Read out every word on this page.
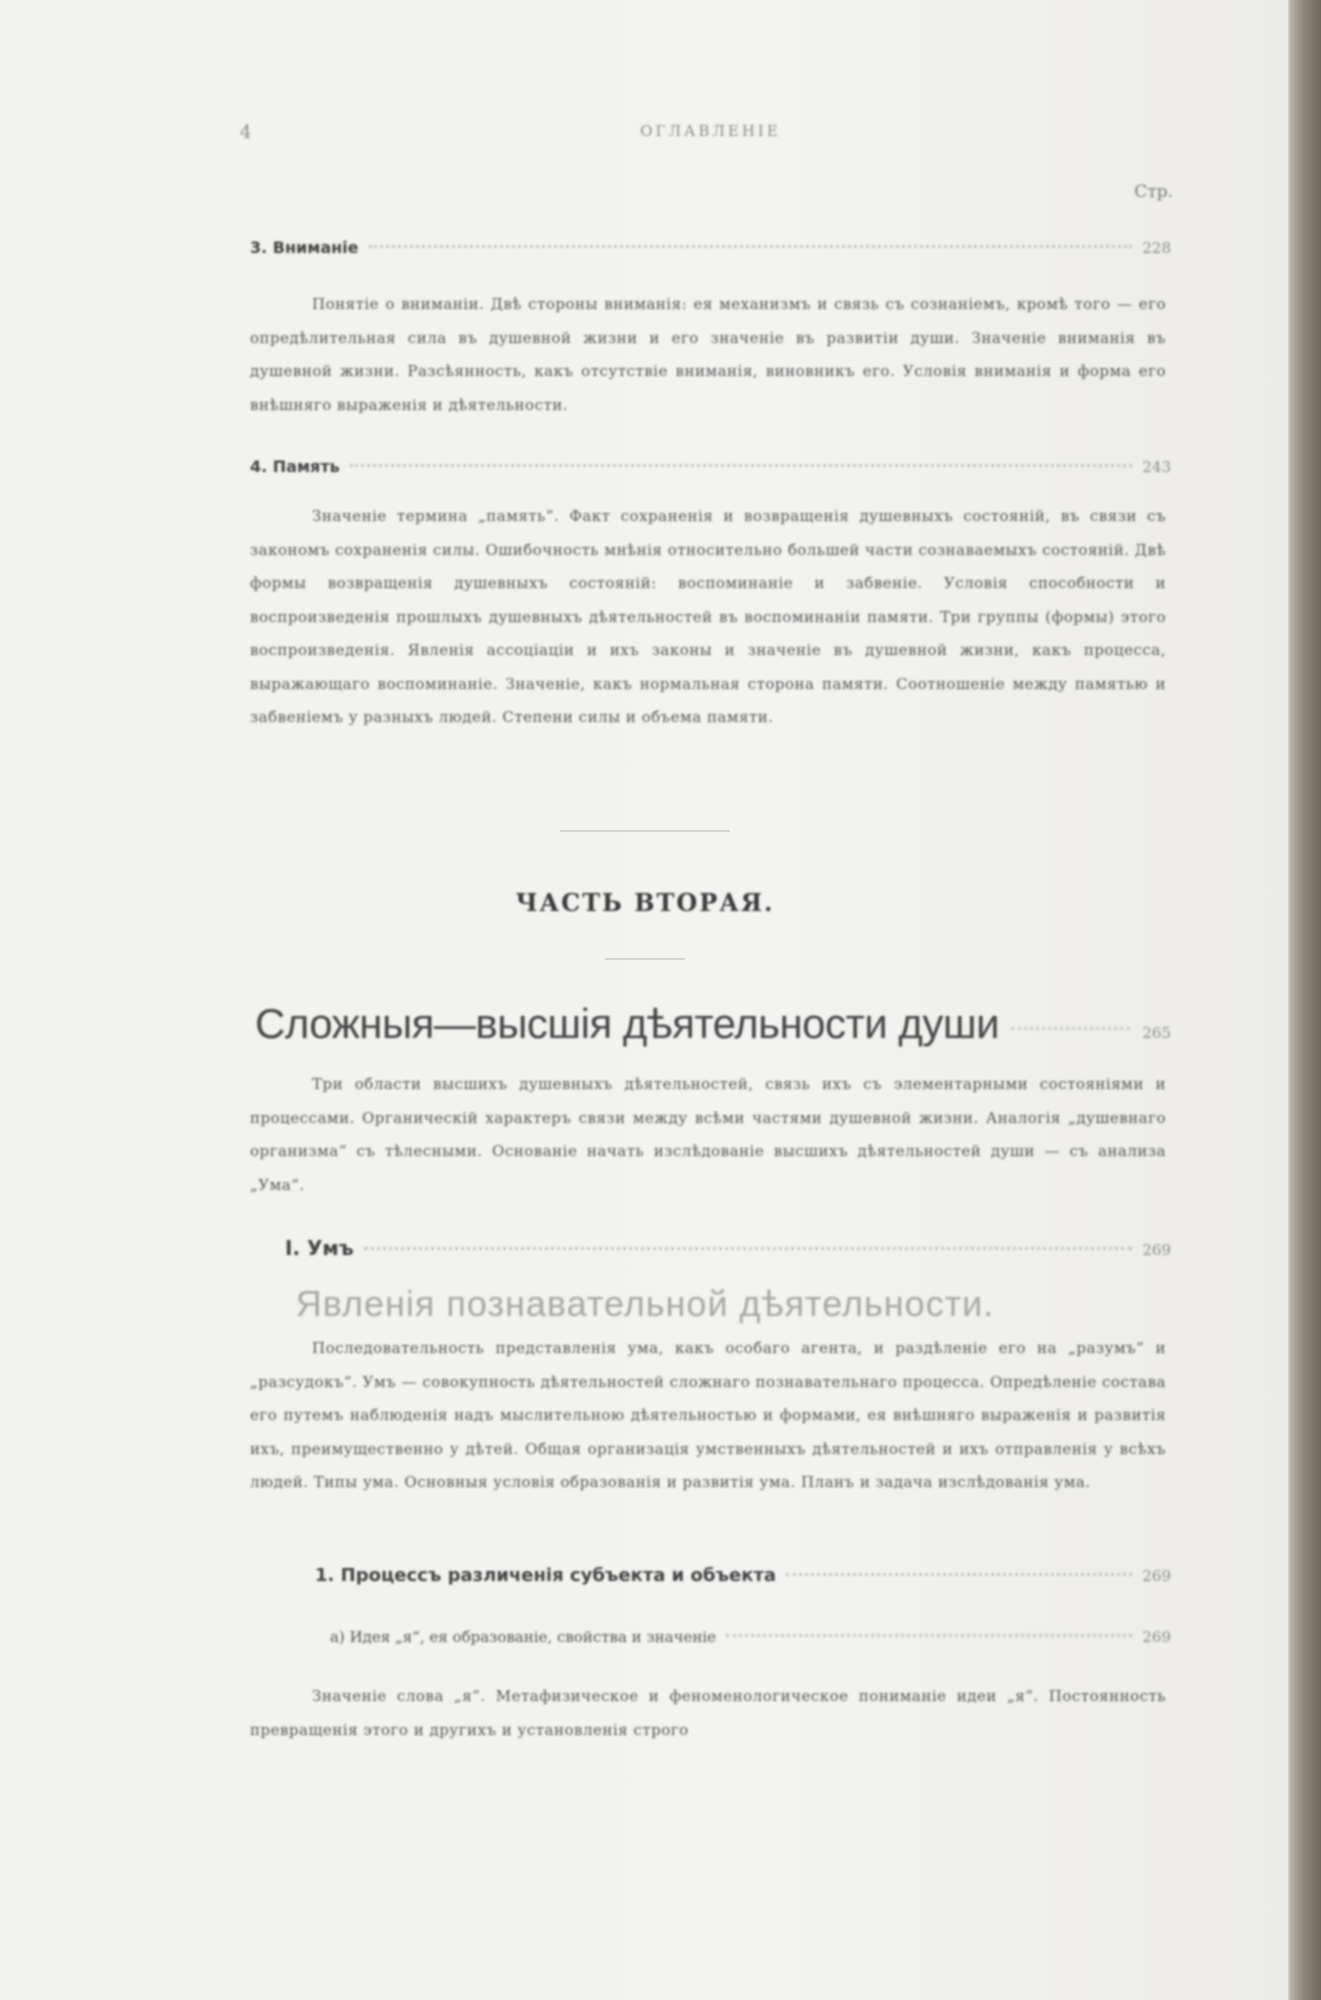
4	ОГЛАВЛЕНІЕ
Стр.
3. Вниманіе	228
Понятіе о вниманіи. Двѣ стороны вниманія: ея механизмъ и связь съ сознаніемъ, кромѣ того — его опредѣлительная сила въ душевной жизни и его значеніе въ развитіи души. Значеніе вниманія въ душевной жизни. Разсѣянность, какъ отсутствіе вниманія, виновникъ его. Условія вниманія и форма его внѣшняго выраженія и дѣятельности.
4. Память	243
Значеніе термина „память“. Факт сохраненія и возвращенія душевныхъ состояній, въ связи съ закономъ сохраненія силы. Ошибочность мнѣнія относительно большей части сознаваемыхъ состояній. Двѣ формы возвращенія душевныхъ состояній: воспоминаніе и забвеніе. Условія способности и воспроизведенія прошлыхъ душевныхъ дѣятельностей въ воспоминаніи памяти. Три группы (формы) этого воспроизведенія. Явленія ассоціаціи и ихъ законы и значеніе въ душевной жизни, какъ процесса, выражающаго воспоминаніе. Значеніе, какъ нормальная сторона памяти. Соотношеніе между памятью и забвеніемъ у разныхъ людей. Степени силы и объема памяти.
ЧАСТЬ ВТОРАЯ.
Сложныя—высшія дѣятельности души	265
Три области высшихъ душевныхъ дѣятельностей, связь ихъ съ элементарными состояніями и процессами. Органическій характеръ связи между всѣми частями душевной жизни. Аналогія „душевнаго организма“ съ тѣлесными. Основаніе начать изслѣдованіе высшихъ дѣятельностей души — съ анализа „Ума“.
I. Умъ	269
Явленія познавательной дѣятельности.
Последовательность представленія ума, какъ особаго агента, и раздѣленіе его на „разумъ“ и „разсудокъ“. Умъ — совокупность дѣятельностей сложнаго познавательнаго процесса. Опредѣленіе состава его путемъ наблюденія надъ мыслительною дѣятельностью и формами, ея внѣшняго выраженія и развитія ихъ, преимущественно у дѣтей. Общая организація умственныхъ дѣятельностей и ихъ отправленія у всѣхъ людей. Типы ума. Основныя условія образованія и развитія ума. Планъ и задача изслѣдованія ума.
1. Процессъ различенія субъекта и объекта	269
а) Идея „я“, ея образованіе, свойства и значеніе	269
Значеніе слова „я“. Метафизическое и феноменологическое пониманіе идеи „я“. Постоянность превращенія этого и другихъ и установленія строго
